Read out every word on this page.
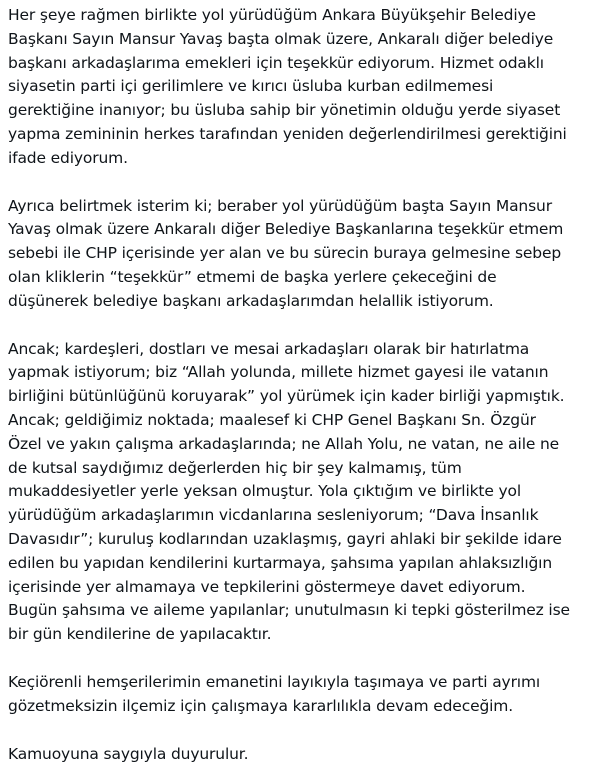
Her şeye rağmen birlikte yol yürüdüğüm Ankara Büyükşehir Belediye
Başkanı Sayın Mansur Yavaş başta olmak üzere, Ankaralı diğer belediye
başkanı arkadaşlarıma emekleri için teşekkür ediyorum. Hizmet odaklı
siyasetin parti içi gerilimlere ve kırıcı üsluba kurban edilmemesi
gerektiğine inanıyor; bu üsluba sahip bir yönetimin olduğu yerde siyaset
yapma zemininin herkes tarafından yeniden değerlendirilmesi gerektiğini
ifade ediyorum.

Ayrıca belirtmek isterim ki; beraber yol yürüdüğüm başta Sayın Mansur
Yavaş olmak üzere Ankaralı diğer Belediye Başkanlarına teşekkür etmem
sebebi ile CHP içerisinde yer alan ve bu sürecin buraya gelmesine sebep
olan kliklerin “teşekkür” etmemi de başka yerlere çekeceğini de
düşünerek belediye başkanı arkadaşlarımdan helallik istiyorum.

Ancak; kardeşleri, dostları ve mesai arkadaşları olarak bir hatırlatma
yapmak istiyorum; biz “Allah yolunda, millete hizmet gayesi ile vatanın
birliğini bütünlüğünü koruyarak” yol yürümek için kader birliği yapmıştık.
Ancak; geldiğimiz noktada; maalesef ki CHP Genel Başkanı Sn. Özgür
Özel ve yakın çalışma arkadaşlarında; ne Allah Yolu, ne vatan, ne aile ne
de kutsal saydığımız değerlerden hiç bir şey kalmamış, tüm
mukaddesiyetler yerle yeksan olmuştur. Yola çıktığım ve birlikte yol
yürüdüğüm arkadaşlarımın vicdanlarına sesleniyorum; “Dava İnsanlık
Davasıdır”; kuruluş kodlarından uzaklaşmış, gayri ahlaki bir şekilde idare
edilen bu yapıdan kendilerini kurtarmaya, şahsıma yapılan ahlaksızlığın
içerisinde yer almamaya ve tepkilerini göstermeye davet ediyorum.
Bugün şahsıma ve aileme yapılanlar; unutulmasın ki tepki gösterilmez ise
bir gün kendilerine de yapılacaktır.

Keçiörenli hemşerilerimin emanetini layıkıyla taşımaya ve parti ayrımı
gözetmeksizin ilçemiz için çalışmaya kararlılıkla devam edeceğim.

Kamuoyuna saygıyla duyurulur.
